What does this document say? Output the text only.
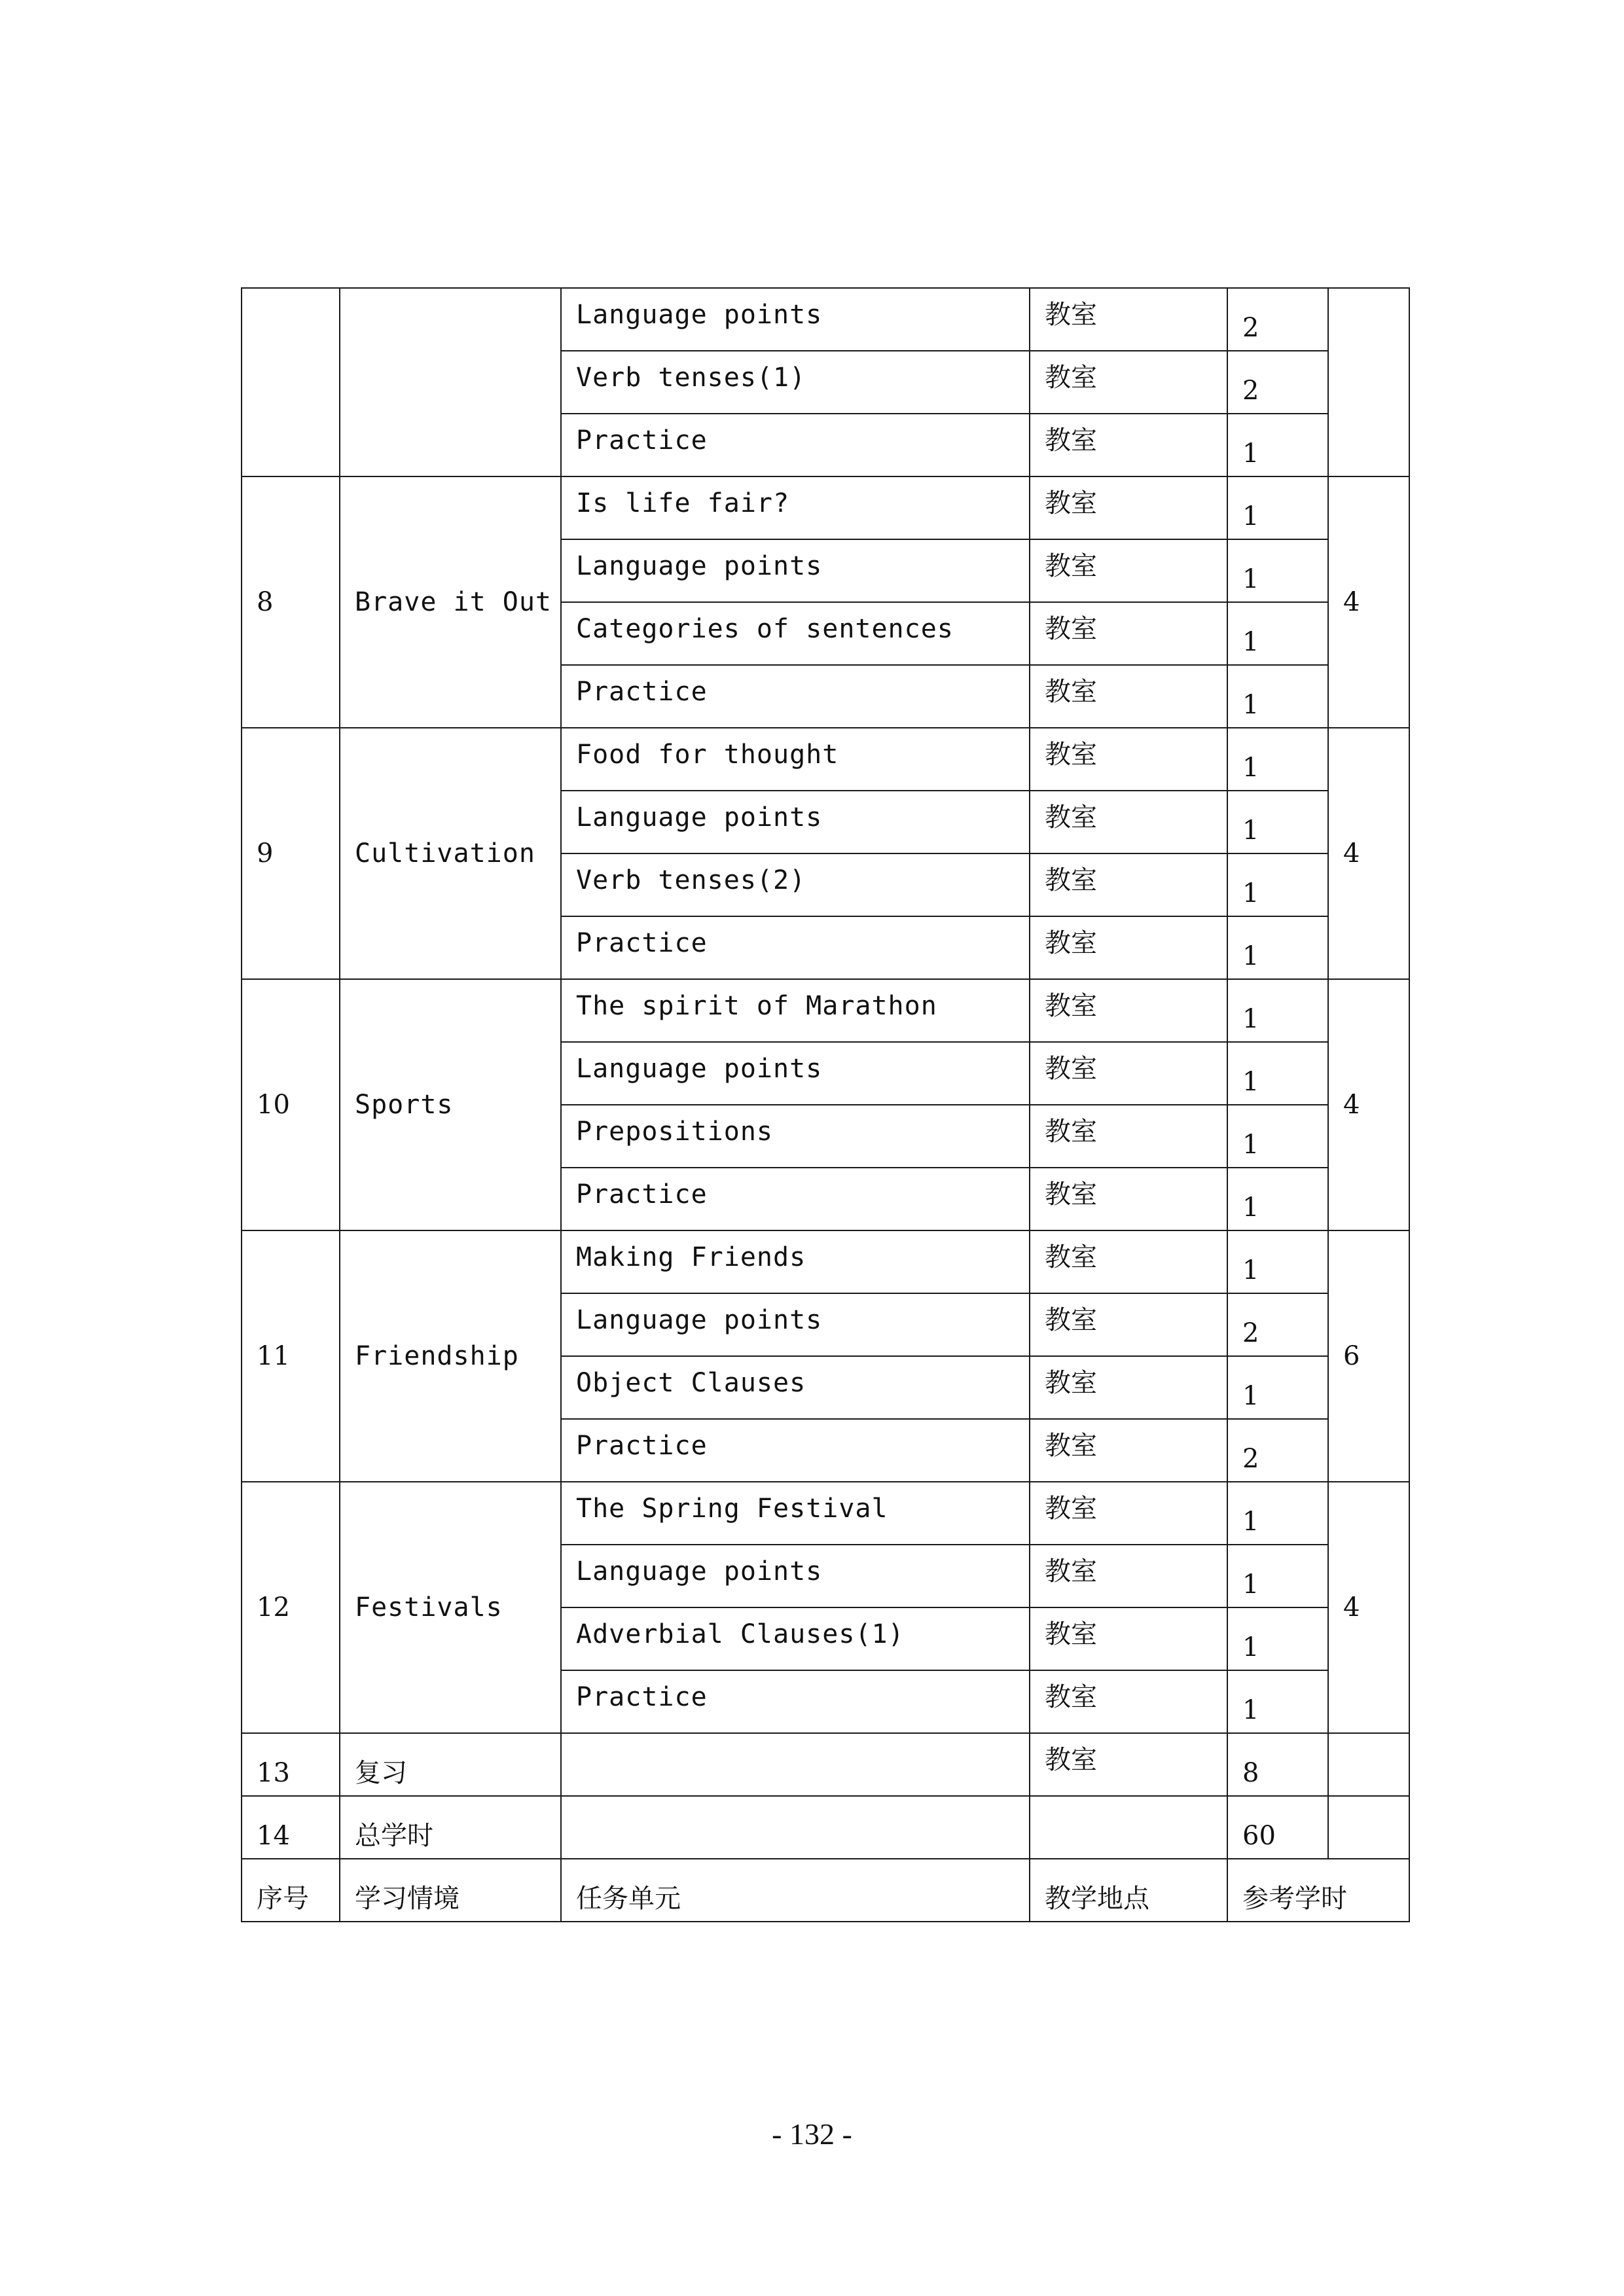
		Language points	教室	2	
		Verb tenses(1)	教室	2	
		Practice	教室	1	
8	Brave it Out	Is life fair?	教室	1	4
		Language points	教室	1	
		Categories of sentences	教室	1	
		Practice	教室	1	
9	Cultivation	Food for thought	教室	1	4
		Language points	教室	1	
		Verb tenses(2)	教室	1	
		Practice	教室	1	
10	Sports	The spirit of Marathon	教室	1	4
		Language points	教室	1	
		Prepositions	教室	1	
		Practice	教室	1	
11	Friendship	Making Friends	教室	1	6
		Language points	教室	2	
		Object Clauses	教室	1	
		Practice	教室	2	
12	Festivals	The Spring Festival	教室	1	4
		Language points	教室	1	
		Adverbial Clauses(1)	教室	1	
		Practice	教室	1	
13	复习		教室	8	
14	总学时			60	
序号	学习情境	任务单元	教学地点	参考学时	
- 132 -
